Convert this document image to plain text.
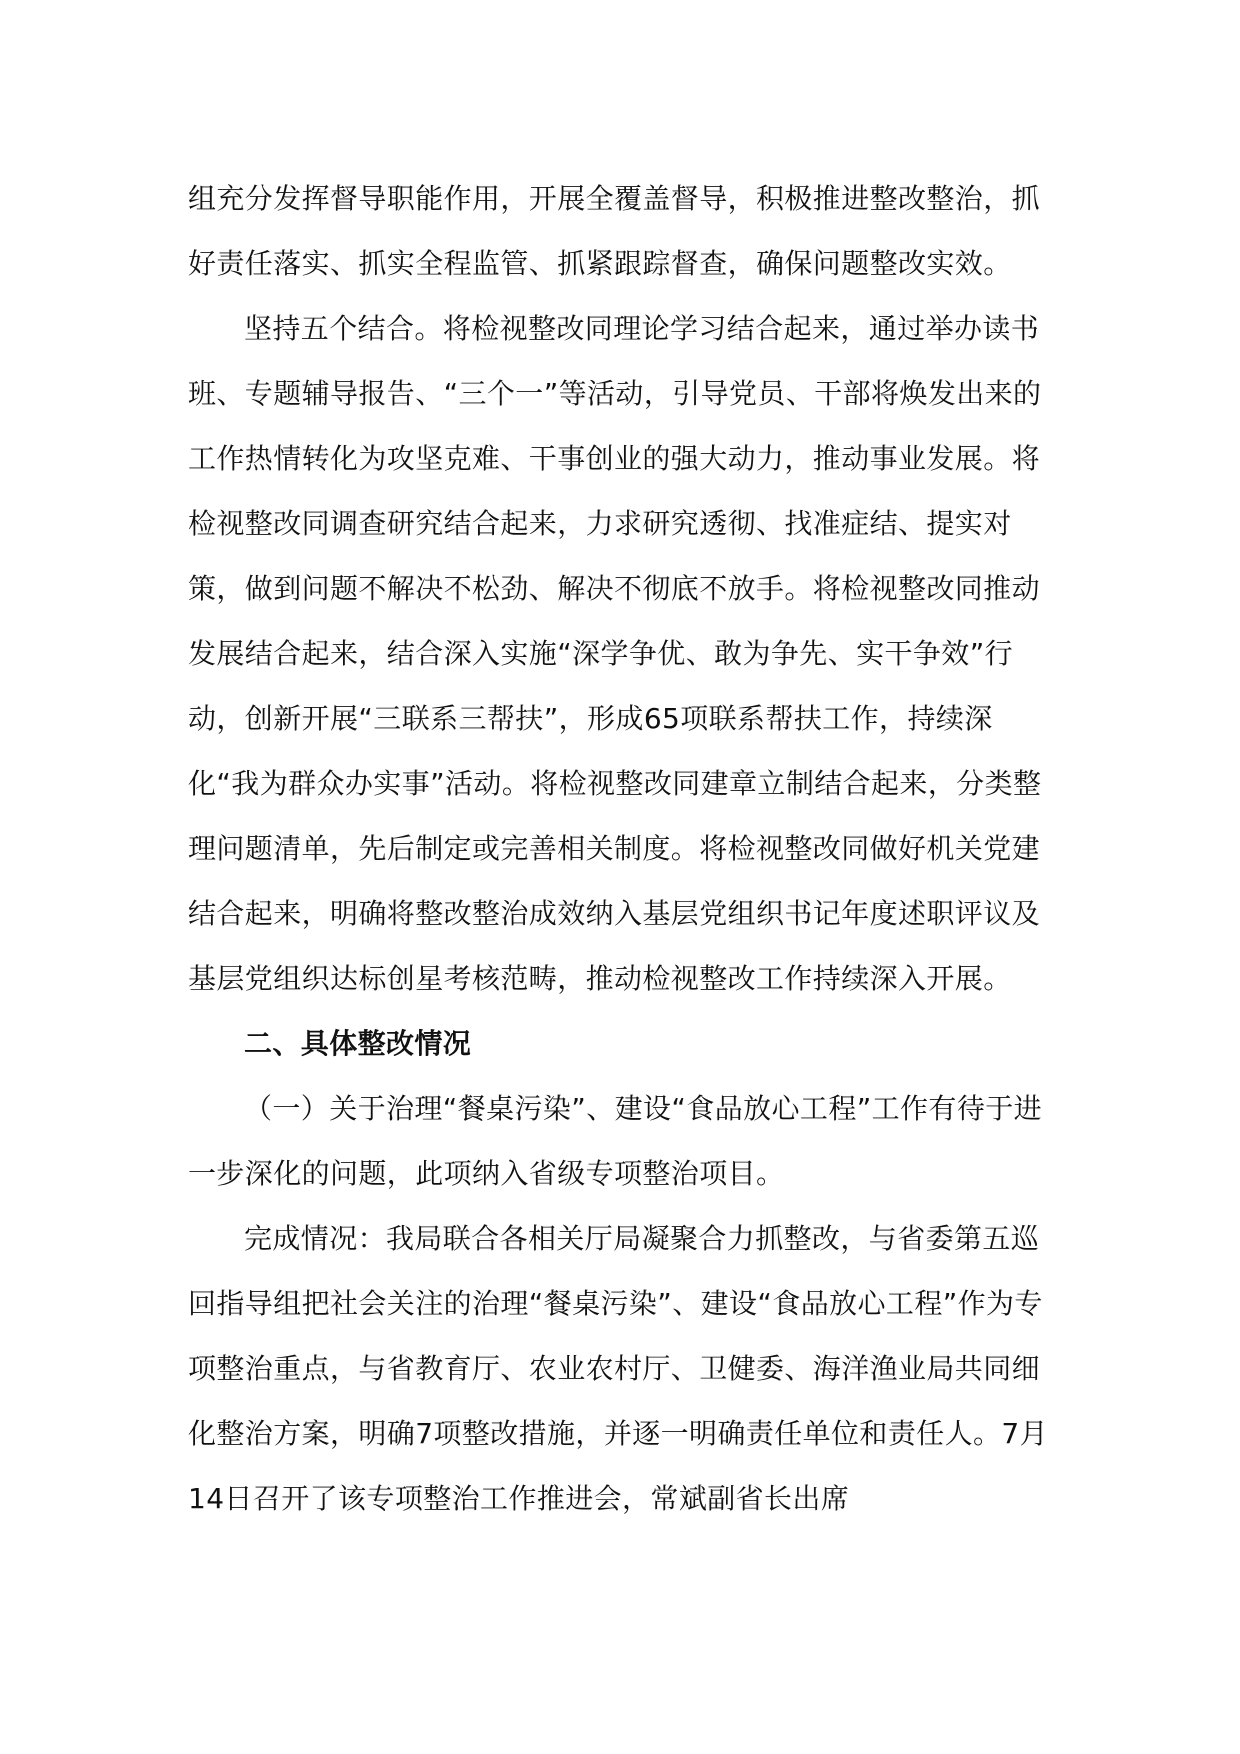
组充分发挥督导职能作用，开展全覆盖督导，积极推进整改整治，抓好责任落实、抓实全程监管、抓紧跟踪督查，确保问题整改实效。

坚持五个结合。将检视整改同理论学习结合起来，通过举办读书班、专题辅导报告、“三个一”等活动，引导党员、干部将焕发出来的工作热情转化为攻坚克难、干事创业的强大动力，推动事业发展。将检视整改同调查研究结合起来，力求研究透彻、找准症结、提实对策，做到问题不解决不松劲、解决不彻底不放手。将检视整改同推动发展结合起来，结合深入实施“深学争优、敢为争先、实干争效”行动，创新开展“三联系三帮扶”，形成65项联系帮扶工作，持续深化“我为群众办实事”活动。将检视整改同建章立制结合起来，分类整理问题清单，先后制定或完善相关制度。将检视整改同做好机关党建结合起来，明确将整改整治成效纳入基层党组织书记年度述职评议及基层党组织达标创星考核范畴，推动检视整改工作持续深入开展。

二、具体整改情况

（一）关于治理“餐桌污染”、建设“食品放心工程”工作有待于进一步深化的问题，此项纳入省级专项整治项目。

完成情况：我局联合各相关厅局凝聚合力抓整改，与省委第五巡回指导组把社会关注的治理“餐桌污染”、建设“食品放心工程”作为专项整治重点，与省教育厅、农业农村厅、卫健委、海洋渔业局共同细化整治方案，明确7项整改措施，并逐一明确责任单位和责任人。7月14日召开了该专项整治工作推进会，常斌副省长出席
